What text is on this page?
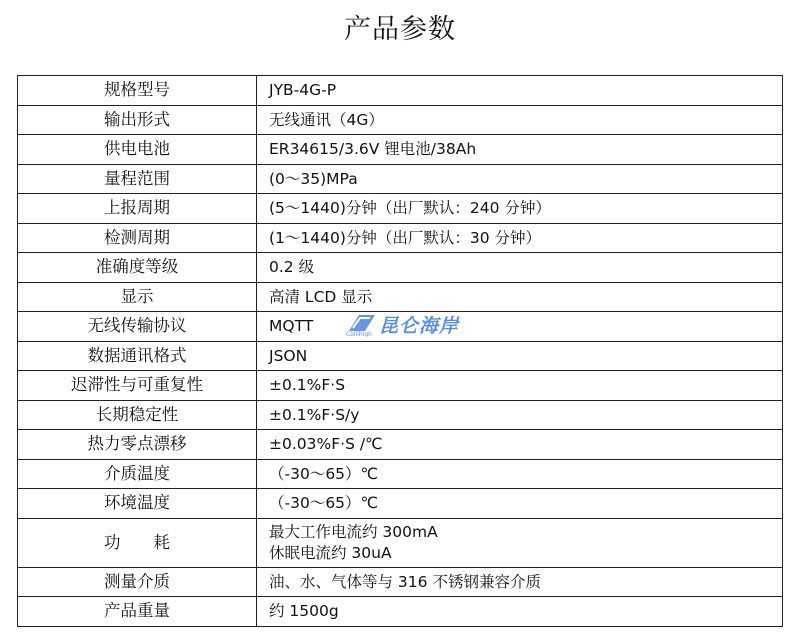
产品参数
规格型号	JYB-4G-P
输出形式	无线通讯（4G）
供电电池	ER34615/3.6V 锂电池/38Ah
量程范围	(0～35)MPa
上报周期	(5～1440)分钟（出厂默认：240 分钟）
检测周期	(1～1440)分钟（出厂默认：30 分钟）
准确度等级	0.2 级
显示	高清 LCD 显示
无线传输协议	MQTT
数据通讯格式	JSON
迟滞性与可重复性	±0.1%F·S
长期稳定性	±0.1%F·S/y
热力零点漂移	±0.03%F·S /℃
介质温度	（-30～65）℃
环境温度	（-30～65）℃
功　　耗	最大工作电流约 300mA
休眠电流约 30uA

测量介质	油、水、气体等与 316 不锈钢兼容介质
产品重量	约 1500g
Collihigh 昆仑海岸
